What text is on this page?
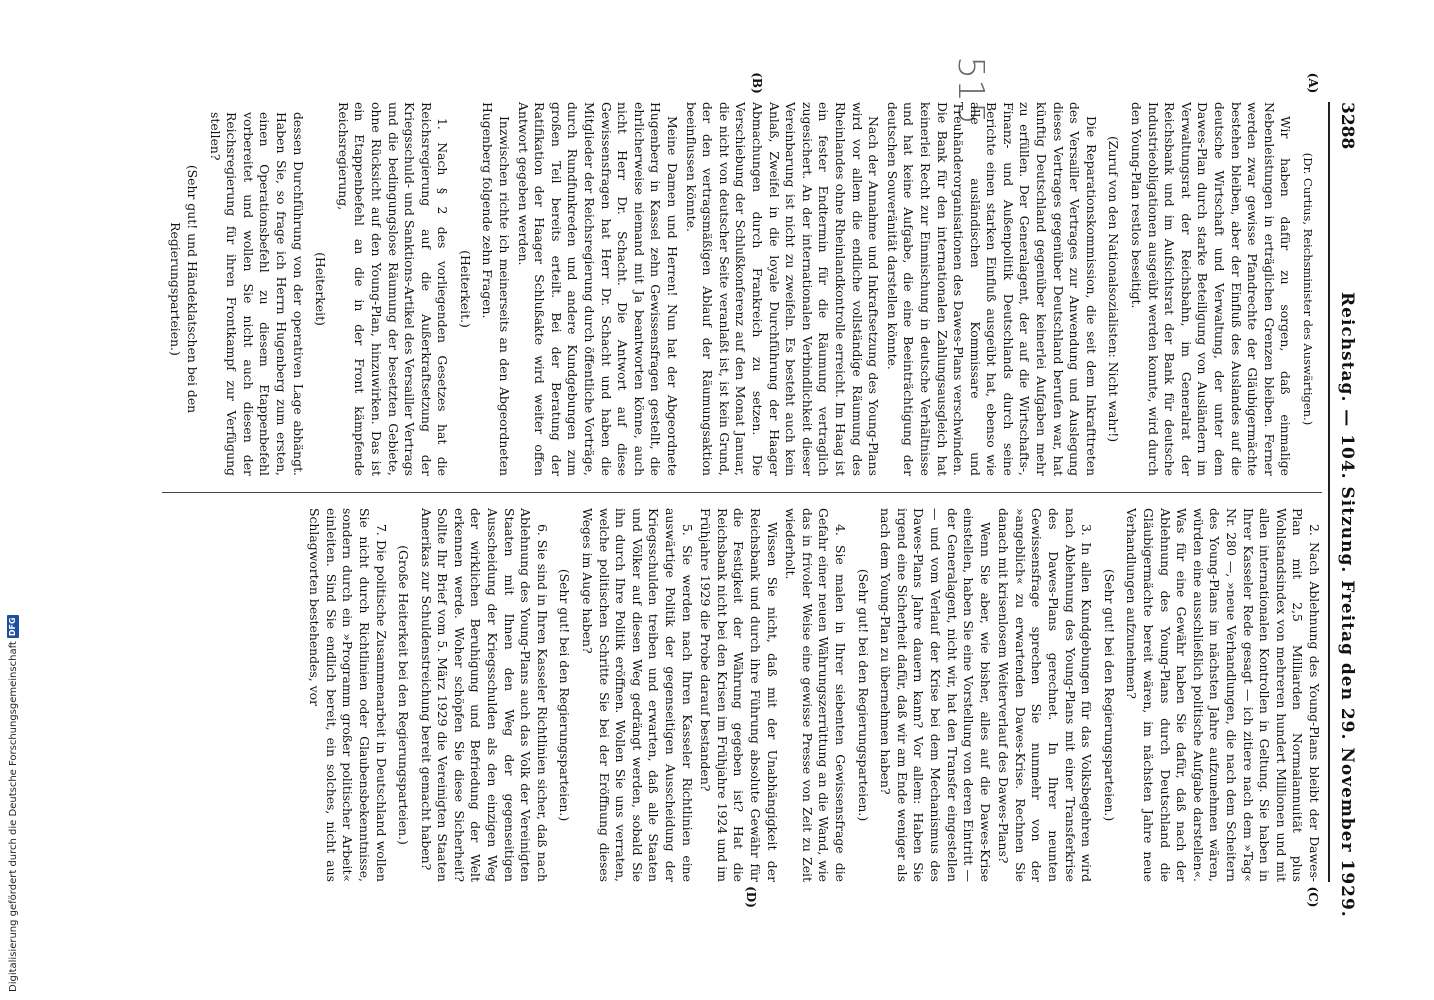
Digitalisierung gefördert durch die Deutsche ForschungsgemeinschaftDFG
515
3288
Reichstag. — 104. Sitzung. Freitag den 29. November 1929.
(A)
(B)
(C)
(D)

(Dr. Curtius, Reichsminister des Auswärtigen.)

Wir haben dafür zu sorgen, daß einmalige Nebenleistungen in erträglichen Grenzen bleiben. Ferner werden zwar gewisse Pfandrechte der Gläubigermächte bestehen bleiben, aber der Einfluß des Auslandes auf die deutsche Wirtschaft und Verwaltung, der unter dem Dawes-Plan durch starke Beteiligung von Ausländern im Verwaltungsrat der Reichsbahn, im Generalrat der Reichsbank und im Aufsichtsrat der Bank für deutsche Industrieobligationen ausgeübt werden konnte, wird durch den Young-Plan restlos beseitigt.

(Zuruf von den Nationalsozialisten: Nicht wahr!)

Die Reparationskommission, die seit dem Inkrafttreten des Versailler Vertrages zur Anwendung und Auslegung dieses Vertrages gegenüber Deutschland berufen war, hat künftig Deutschland gegenüber keinerlei Aufgaben mehr zu erfüllen. Der Generalagent, der auf die Wirtschafts-, Finanz- und Außenpolitik Deutschlands durch seine Berichte einen starken Einfluß ausgeübt hat, ebenso wie alle ausländischen Kommissare und Treuhänderorganisationen des Dawes-Plans verschwinden. Die Bank für den internationalen Zahlungsausgleich hat keinerlei Recht zur Einmischung in deutsche Verhältnisse und hat keine Aufgabe, die eine Beeinträchtigung der deutschen Souveränität darstellen könnte.

Nach der Annahme und Inkraftsetzung des Young-Plans wird vor allem die endliche vollständige Räumung des Rheinlandes ohne Rheinlandkontrolle erreicht. Im Haag ist ein fester Endtermin für die Räumung vertraglich zugesichert. An der internationalen Verbindlichkeit dieser Vereinbarung ist nicht zu zweifeln. Es besteht auch kein Anlaß, Zweifel in die loyale Durchführung der Haager Abmachungen durch Frankreich zu setzen. Die Verschiebung der Schlußkonferenz auf den Monat Januar, die nicht von deutscher Seite veranlaßt ist, ist kein Grund, der den vertragsmäßigen Ablauf der Räumungsaktion beeinflussen könnte.

Meine Damen und Herren! Nun hat der Abgeordnete Hugenberg in Kassel zehn Gewissensfragen gestellt, die ehrlicherweise niemand mit Ja beantworten könne, auch nicht Herr Dr. Schacht. Die Antwort auf diese Gewissensfragen hat Herr Dr. Schacht und haben die Mitglieder der Reichsregierung durch öffentliche Vorträge, durch Rundfunkreden und andere Kundgebungen zum großen Teil bereits erteilt. Bei der Beratung der Ratifikation der Haager Schlußakte wird weiter offen Antwort gegeben werden.

Inzwischen richte ich meinerseits an den Abgeordneten Hugenberg folgende zehn Fragen.

(Heiterkeit.)

1. Nach § 2 des vorliegenden Gesetzes hat die Reichsregierung auf die Außerkraftsetzung der Kriegsschuld- und Sanktions-Artikel des Versailler Vertrags und die bedingungslose Räumung der besetzten Gebiete, ohne Rücksicht auf den Young-Plan, hinzuwirken. Das ist ein Etappenbefehl an die in der Front kämpfende Reichsregierung,

(Heiterkeit)

dessen Durchführung von der operativen Lage abhängt. Haben Sie, so frage ich Herrn Hugenberg zum ersten, einen Operationsbefehl zu diesem Etappenbefehl vorbereitet und wollen Sie nicht auch diesen der Reichsregierung für ihren Frontkampf zur Verfügung stellen?

(Sehr gut! und Händeklatschen bei den Regierungsparteien.)

2. Nach Ablehnung des Young-Plans bleibt der Dawes-Plan mit 2,5 Milliarden Normalannuität plus Wohlstandsindex von mehreren hundert Millionen und mit allen internationalen Kontrollen in Geltung. Sie haben in Ihrer Kasseler Rede gesagt — ich zitiere nach dem »Tag« Nr. 280 —, »neue Verhandlungen, die nach dem Scheitern des Young-Plans im nächsten Jahre aufzunehmen wären, würden eine ausschließlich politische Aufgabe darstellen«. Was für eine Gewähr haben Sie dafür, daß nach der Ablehnung des Young-Plans durch Deutschland die Gläubigermächte bereit wären, im nächsten Jahre neue Verhandlungen aufzunehmen?

(Sehr gut! bei den Regierungsparteien.)

3. In allen Kundgebungen für das Volksbegehren wird nach Ablehnung des Young-Plans mit einer Transferkrise des Dawes-Plans gerechnet. In Ihrer neunten Gewissensfrage sprechen Sie nunmehr von der »angeblich« zu erwartenden Dawes-Krise. Rechnen Sie danach mit krisenlosem Weiterverlauf des Dawes-Plans?

Wenn Sie aber, wie bisher, alles auf die Dawes-Krise einstellen, haben Sie eine Vorstellung von deren Eintritt — der Generalagent, nicht wir, hat den Transfer eingestellen — und vom Verlauf der Krise bei dem Mechanismus des Dawes-Plans Jahre dauern kann? Vor allem: Haben Sie irgend eine Sicherheit dafür, daß wir am Ende weniger als nach dem Young-Plan zu übernehmen haben?

(Sehr gut! bei den Regierungsparteien.)

4. Sie malen in Ihrer siebenten Gewissensfrage die Gefahr einer neuen Währungszerrüttung an die Wand, wie das in frivoler Weise eine gewisse Presse von Zeit zu Zeit wiederholt.

Wissen Sie nicht, daß mit der Unabhängigkeit der Reichsbank und durch ihre Führung absolute Gewähr für die Festigkeit der Währung gegeben ist? Hat die Reichsbank nicht bei den Krisen im Frühjahre 1924 und im Frühjahre 1929 die Probe darauf bestanden?

5. Sie werden nach Ihren Kasseler Richtlinien eine auswärtige Politik der gegenseitigen Ausscheidung der Kriegsschulden treiben und erwarten, daß alle Staaten und Völker auf diesen Weg gedrängt werden, sobald Sie ihn durch Ihre Politik eröffnen. Wollen Sie uns verraten, welche politischen Schritte Sie bei der Eröffnung dieses Weges im Auge haben?

(Sehr gut! bei den Regierungsparteien.)

6. Sie sind in Ihren Kasseler Richtlinien sicher, daß nach Ablehnung des Young-Plans auch das Volk der Vereinigten Staaten mit Ihnen den Weg der gegenseitigen Ausscheidung der Kriegsschulden als den einzigen Weg der wirklichen Beruhigung und Befriedung der Welt erkennen werde. Woher schöpfen Sie diese Sicherheit? Sollte Ihr Brief vom 5. März 1929 die Vereinigten Staaten Amerikas zur Schuldenstreichung bereit gemacht haben?

(Große Heiterkeit bei den Regierungsparteien.)

7. Die politische Zusammenarbeit in Deutschland wollen Sie nicht durch Richtlinien oder Glaubensbekenntnisse, sondern durch ein »Programm großer politischer Arbeit« einleiten. Sind Sie endlich bereit, ein solches, nicht aus Schlagworten bestehendes, vor
